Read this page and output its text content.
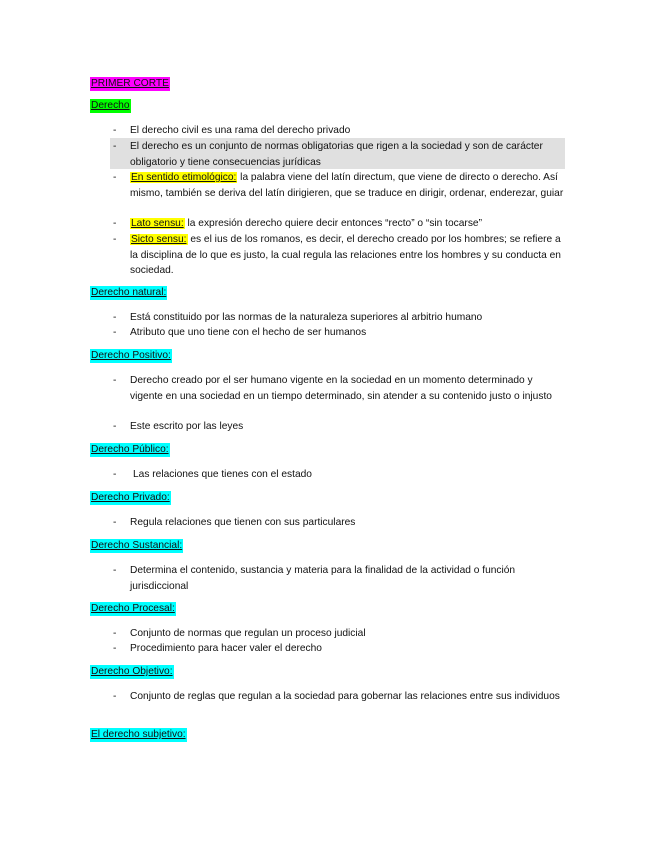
PRIMER CORTE
Derecho
- El derecho civil es una rama del derecho privado
- El derecho es un conjunto de normas obligatorias que rigen a la sociedad y son de carácter obligatorio y tiene consecuencias jurídicas
- En sentido etimológico: la palabra viene del latín directum, que viene de directo o derecho. Así mismo, también se deriva del latín dirigieren, que se traduce en dirigir, ordenar, enderezar, guiar
- Lato sensu: la expresión derecho quiere decir entonces “recto” o “sin tocarse”
- Sicto sensu: es el ius de los romanos, es decir, el derecho creado por los hombres; se refiere a la disciplina de lo que es justo, la cual regula las relaciones entre los hombres y su conducta en sociedad.
Derecho natural:
- Está constituido por las normas de la naturaleza superiores al arbitrio humano
- Atributo que uno tiene con el hecho de ser humanos
Derecho Positivo:
- Derecho creado por el ser humano vigente en la sociedad en un momento determinado y vigente en una sociedad en un tiempo determinado, sin atender a su contenido justo o injusto
- Este escrito por las leyes
Derecho Público:
- Las relaciones que tienes con el estado
Derecho Privado:
- Regula relaciones que tienen con sus particulares
Derecho Sustancial:
- Determina el contenido, sustancia y materia para la finalidad de la actividad o función jurisdiccional
Derecho Procesal:
- Conjunto de normas que regulan un proceso judicial
- Procedimiento para hacer valer el derecho
Derecho Objetivo:
- Conjunto de reglas que regulan a la sociedad para gobernar las relaciones entre sus individuos
El derecho subjetivo:
